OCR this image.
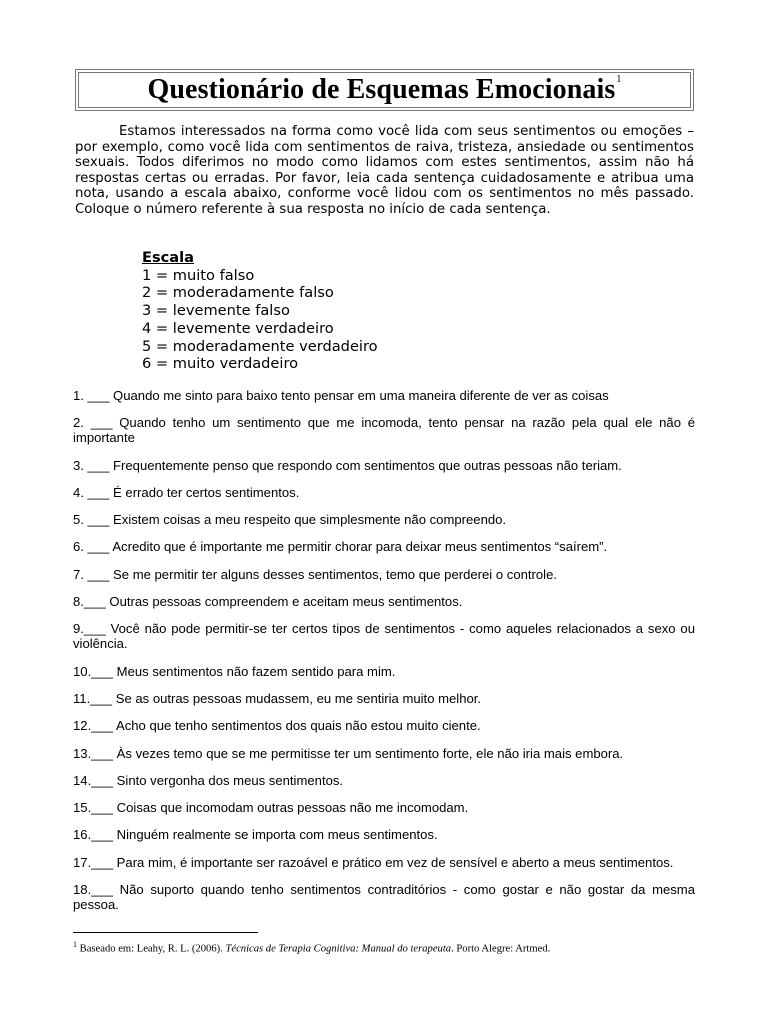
Questionário de Esquemas Emocionais$^1$

Estamos interessados na forma como você lida com seus sentimentos ou emoções – por exemplo, como você lida com sentimentos de raiva, tristeza, ansiedade ou sentimentos sexuais. Todos diferimos no modo como lidamos com estes sentimentos, assim não há respostas certas ou erradas. Por favor, leia cada sentença cuidadosamente e atribua uma nota, usando a escala abaixo, conforme você lidou com os sentimentos no mês passado. Coloque o número referente à sua resposta no início de cada sentença.

Escala
1 = muito falso
2 = moderadamente falso
3 = levemente falso
4 = levemente verdadeiro
5 = moderadamente verdadeiro
6 = muito verdadeiro

1. ___ Quando me sinto para baixo tento pensar em uma maneira diferente de ver as coisas

2. ___ Quando tenho um sentimento que me incomoda, tento pensar na razão pela qual ele não é importante

3. ___ Frequentemente penso que respondo com sentimentos que outras pessoas não teriam.

4. ___ É errado ter certos sentimentos.

5. ___ Existem coisas a meu respeito que simplesmente não compreendo.

6. ___ Acredito que é importante me permitir chorar para deixar meus sentimentos “saírem”.

7. ___ Se me permitir ter alguns desses sentimentos, temo que perderei o controle.

8.___ Outras pessoas compreendem e aceitam meus sentimentos.

9.___ Você não pode permitir-se ter certos tipos de sentimentos - como aqueles relacionados a sexo ou violência.

10.___ Meus sentimentos não fazem sentido para mim.

11.___ Se as outras pessoas mudassem, eu me sentiria muito melhor.

12.___ Acho que tenho sentimentos dos quais não estou muito ciente.

13.___ Às vezes temo que se me permitisse ter um sentimento forte, ele não iria mais embora.

14.___ Sinto vergonha dos meus sentimentos.

15.___ Coisas que incomodam outras pessoas não me incomodam.

16.___ Ninguém realmente se importa com meus sentimentos.

17.___ Para mim, é importante ser razoável e prático em vez de sensível e aberto a meus sentimentos.

18.___ Não suporto quando tenho sentimentos contraditórios - como gostar e não gostar da mesma pessoa.

$^1$ Baseado em: Leahy, R. L. (2006). Técnicas de Terapia Cognitiva: Manual do terapeuta. Porto Alegre: Artmed.
